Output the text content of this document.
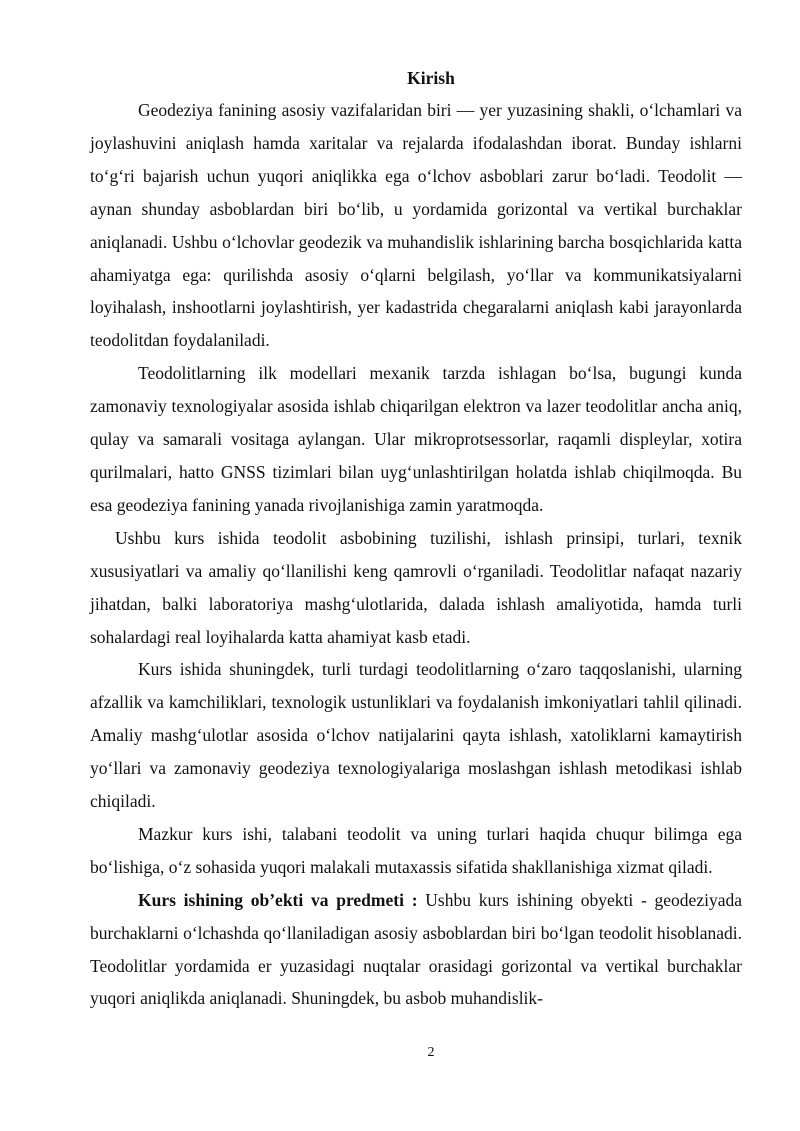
Kirish

Geodeziya fanining asosiy vazifalaridan biri — yer yuzasining shakli, o‘lchamlari va joylashuvini aniqlash hamda xaritalar va rejalarda ifodalashdan iborat. Bunday ishlarni to‘g‘ri bajarish uchun yuqori aniqlikka ega o‘lchov asboblari zarur bo‘ladi. Teodolit — aynan shunday asboblardan biri bo‘lib, u yordamida gorizontal va vertikal burchaklar aniqlanadi. Ushbu o‘lchovlar geodezik va muhandislik ishlarining barcha bosqichlarida katta ahamiyatga ega: qurilishda asosiy o‘qlarni belgilash, yo‘llar va kommunikatsiyalarni loyihalash, inshootlarni joylashtirish, yer kadastrida chegaralarni aniqlash kabi jarayonlarda teodolitdan foydalaniladi.

Teodolitlarning ilk modellari mexanik tarzda ishlagan bo‘lsa, bugungi kunda zamonaviy texnologiyalar asosida ishlab chiqarilgan elektron va lazer teodolitlar ancha aniq, qulay va samarali vositaga aylangan. Ular mikroprotsessorlar, raqamli displeylar, xotira qurilmalari, hatto GNSS tizimlari bilan uyg‘unlashtirilgan holatda ishlab chiqilmoqda. Bu esa geodeziya fanining yanada rivojlanishiga zamin yaratmoqda.

Ushbu kurs ishida teodolit asbobining tuzilishi, ishlash prinsipi, turlari, texnik xususiyatlari va amaliy qo‘llanilishi keng qamrovli o‘rganiladi. Teodolitlar nafaqat nazariy jihatdan, balki laboratoriya mashg‘ulotlarida, dalada ishlash amaliyotida, hamda turli sohalardagi real loyihalarda katta ahamiyat kasb etadi.

Kurs ishida shuningdek, turli turdagi teodolitlarning o‘zaro taqqoslanishi, ularning afzallik va kamchiliklari, texnologik ustunliklari va foydalanish imkoniyatlari tahlil qilinadi. Amaliy mashg‘ulotlar asosida o‘lchov natijalarini qayta ishlash, xatoliklarni kamaytirish yo‘llari va zamonaviy geodeziya texnologiyalariga moslashgan ishlash metodikasi ishlab chiqiladi.

Mazkur kurs ishi, talabani teodolit va uning turlari haqida chuqur bilimga ega bo‘lishiga, o‘z sohasida yuqori malakali mutaxassis sifatida shakllanishiga xizmat qiladi.

Kurs ishining ob’ekti va predmeti : Ushbu kurs ishining obyekti - geodeziyada burchaklarni o‘lchashda qo‘llaniladigan asosiy asboblardan biri bo‘lgan teodolit hisoblanadi. Teodolitlar yordamida er yuzasidagi nuqtalar orasidagi gorizontal va vertikal burchaklar yuqori aniqlikda aniqlanadi. Shuningdek, bu asbob muhandislik-

2
